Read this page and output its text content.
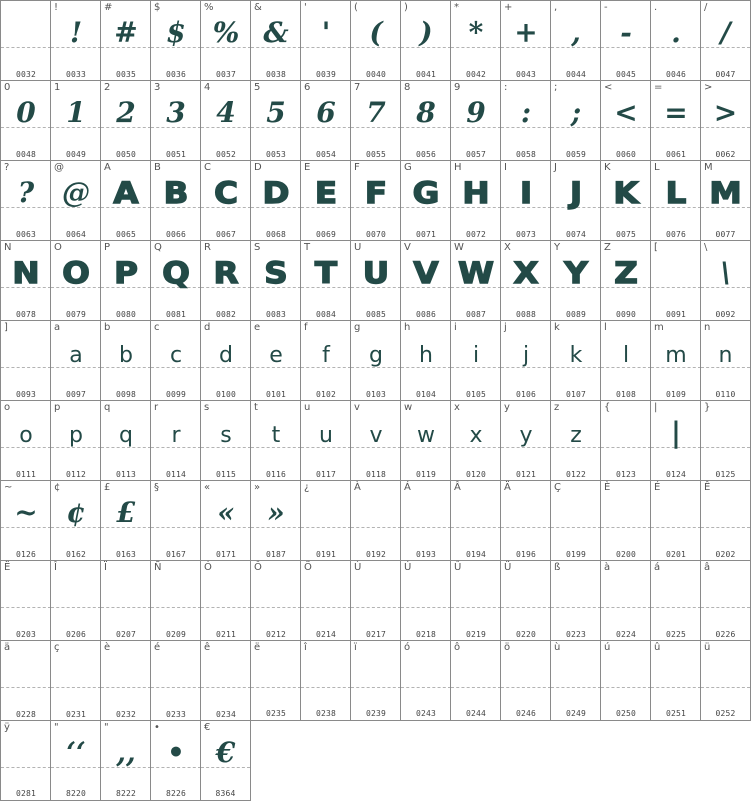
0032
!
!
0033
#
#
0035
$
$
0036
%
%
0037
&
&
0038
'
'
0039
(
(
0040
)
)
0041
*
*
0042
+
+
0043
,
,
0044
-
-
0045
.
.
0046
/
/
0047
0
0
0048
1
1
0049
2
2
0050
3
3
0051
4
4
0052
5
5
0053
6
6
0054
7
7
0055
8
8
0056
9
9
0057
:
:
0058
;
;
0059
<
<
0060
=
=
0061
>
>
0062
?
?
0063
@
@
0064
A
A
0065
B
B
0066
C
C
0067
D
D
0068
E
E
0069
F
F
0070
G
G
0071
H
H
0072
I
I
0073
J
J
0074
K
K
0075
L
L
0076
M
M
0077
N
N
0078
O
O
0079
P
P
0080
Q
Q
0081
R
R
0082
S
S
0083
T
T
0084
U
U
0085
V
V
0086
W
W
0087
X
X
0088
Y
Y
0089
Z
Z
0090
[
0091
\
\
0092
]
0093
a
a
0097
b
b
0098
c
c
0099
d
d
0100
e
e
0101
f
f
0102
g
g
0103
h
h
0104
i
i
0105
j
j
0106
k
k
0107
l
l
0108
m
m
0109
n
n
0110
o
o
0111
p
p
0112
q
q
0113
r
r
0114
s
s
0115
t
t
0116
u
u
0117
v
v
0118
w
w
0119
x
x
0120
y
y
0121
z
z
0122
{
0123
|
|
0124
}
0125
~
~
0126
¢
¢
0162
£
£
0163
§
0167
«
«
0171
»
»
0187
¿
0191
À
0192
Á
0193
Â
0194
Ä
0196
Ç
0199
È
0200
É
0201
Ê
0202
Ë
0203
Î
0206
Ï
0207
Ñ
0209
Ó
0211
Ô
0212
Ö
0214
Ù
0217
Ú
0218
Û
0219
Ü
0220
ß
0223
à
0224
á
0225
â
0226
ä
0228
ç
0231
è
0232
é
0233
ê
0234
ë
0235
î
0238
ï
0239
ó
0243
ô
0244
ö
0246
ù
0249
ú
0250
û
0251
ü
0252
ÿ
0281
"
‘‘
8220
"
,,
8222
•
•
8226
€
€
8364
